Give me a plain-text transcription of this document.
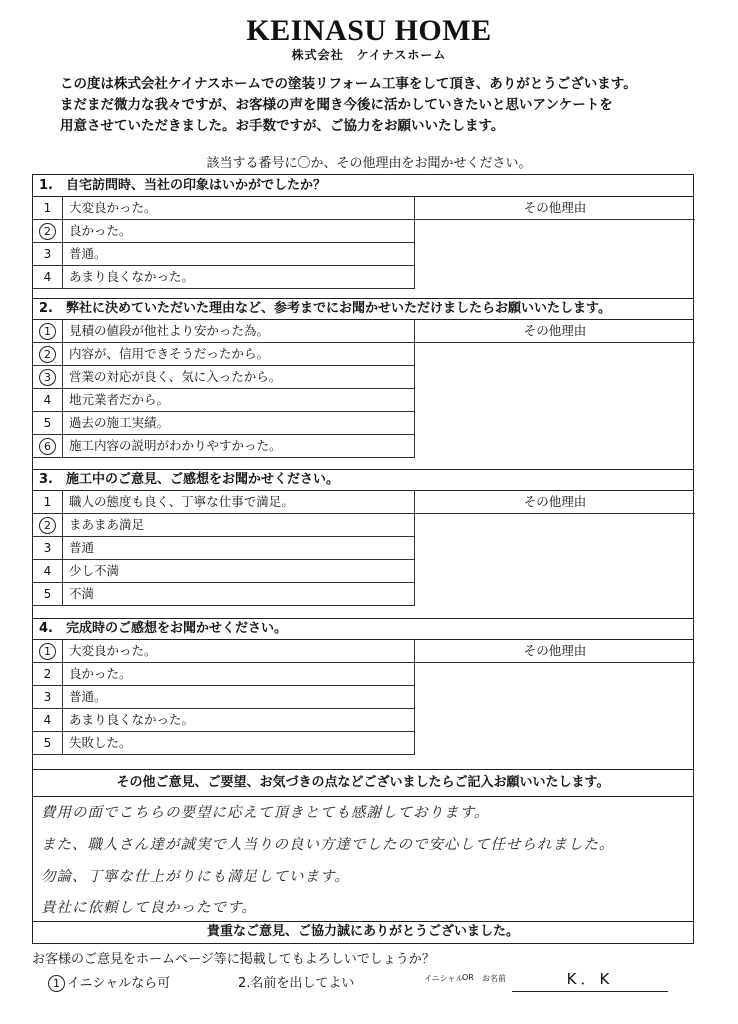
KEINASU HOME
株式会社　ケイナスホーム
この度は株式会社ケイナスホームでの塗装リフォーム工事をして頂き、ありがとうございます。
まだまだ微力な我々ですが、お客様の声を聞き今後に活かしていきたいと思いアンケートを
用意させていただきました。お手数ですが、ご協力をお願いいたします。
該当する番号に〇か、その他理由をお聞かせください。
1.　自宅訪問時、当社の印象はいかがでしたか？
1	大変良かった。
2	良かった。
3	普通。
4	あまり良くなかった。
その他理由
2.　弊社に決めていただいた理由など、参考までにお聞かせいただけましたらお願いいたします。
1	見積の値段が他社より安かった為。
2	内容が、信用できそうだったから。
3	営業の対応が良く、気に入ったから。
4	地元業者だから。
5	過去の施工実績。
6	施工内容の説明がわかりやすかった。
その他理由
3.　施工中のご意見、ご感想をお聞かせください。
1	職人の態度も良く、丁寧な仕事で満足。
2	まあまあ満足
3	普通
4	少し不満
5	不満
その他理由
4.　完成時のご感想をお聞かせください。
1	大変良かった。
2	良かった。
3	普通。
4	あまり良くなかった。
5	失敗した。
その他理由
その他ご意見、ご要望、お気づきの点などございましたらご記入お願いいたします。
費用の面でこちらの要望に応えて頂きとても感謝しております。
また、職人さん達が誠実で人当りの良い方達でしたので安心して任せられました。
勿論、丁寧な仕上がりにも満足しています。
貴社に依頼して良かったです。
貴重なご意見、ご協力誠にありがとうございました。
お客様のご意見をホームページ等に掲載してもよろしいでしょうか？
1 イニシャルなら可	2.名前を出してよい	イニシャル
OR お名前	K．K
